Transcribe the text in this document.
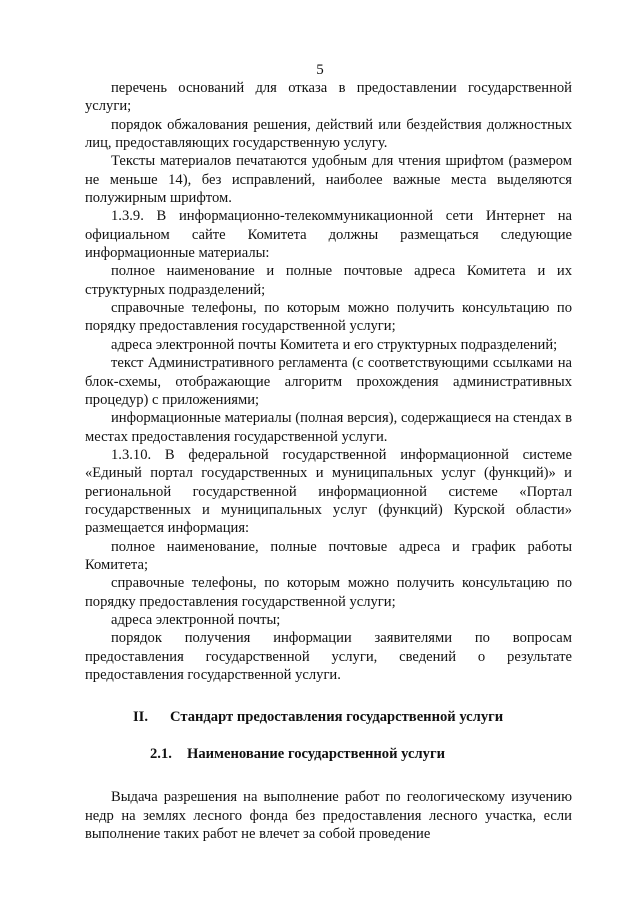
5

перечень оснований для отказа в предоставлении государственной услуги;

порядок обжалования решения, действий или бездействия должностных лиц, предоставляющих государственную услугу.

Тексты материалов печатаются удобным для чтения шрифтом (размером не меньше 14), без исправлений, наиболее важные места выделяются полужирным шрифтом.

1.3.9. В информационно-телекоммуникационной сети Интернет на официальном сайте Комитета должны размещаться следующие информационные материалы:

полное наименование и полные почтовые адреса Комитета и их структурных подразделений;

справочные телефоны, по которым можно получить консультацию по порядку предоставления государственной услуги;

адреса электронной почты Комитета и его структурных подразделений;

текст Административного регламента (с соответствующими ссылками на блок-схемы, отображающие алгоритм прохождения административных процедур) с приложениями;

информационные материалы (полная версия), содержащиеся на стендах в местах предоставления государственной услуги.

1.3.10. В федеральной государственной информационной системе «Единый портал государственных и муниципальных услуг (функций)» и региональной государственной информационной системе «Портал государственных и муниципальных услуг (функций) Курской области» размещается информация:

полное наименование, полные почтовые адреса и график работы Комитета;

справочные телефоны, по которым можно получить консультацию по порядку предоставления государственной услуги;

адреса электронной почты;

порядок получения информации заявителями по вопросам предоставления государственной услуги, сведений о результате предоставления государственной услуги.

II. Стандарт предоставления государственной услуги
2.1. Наименование государственной услуги

Выдача разрешения на выполнение работ по геологическому изучению недр на землях лесного фонда без предоставления лесного участка, если выполнение таких работ не влечет за собой проведение
